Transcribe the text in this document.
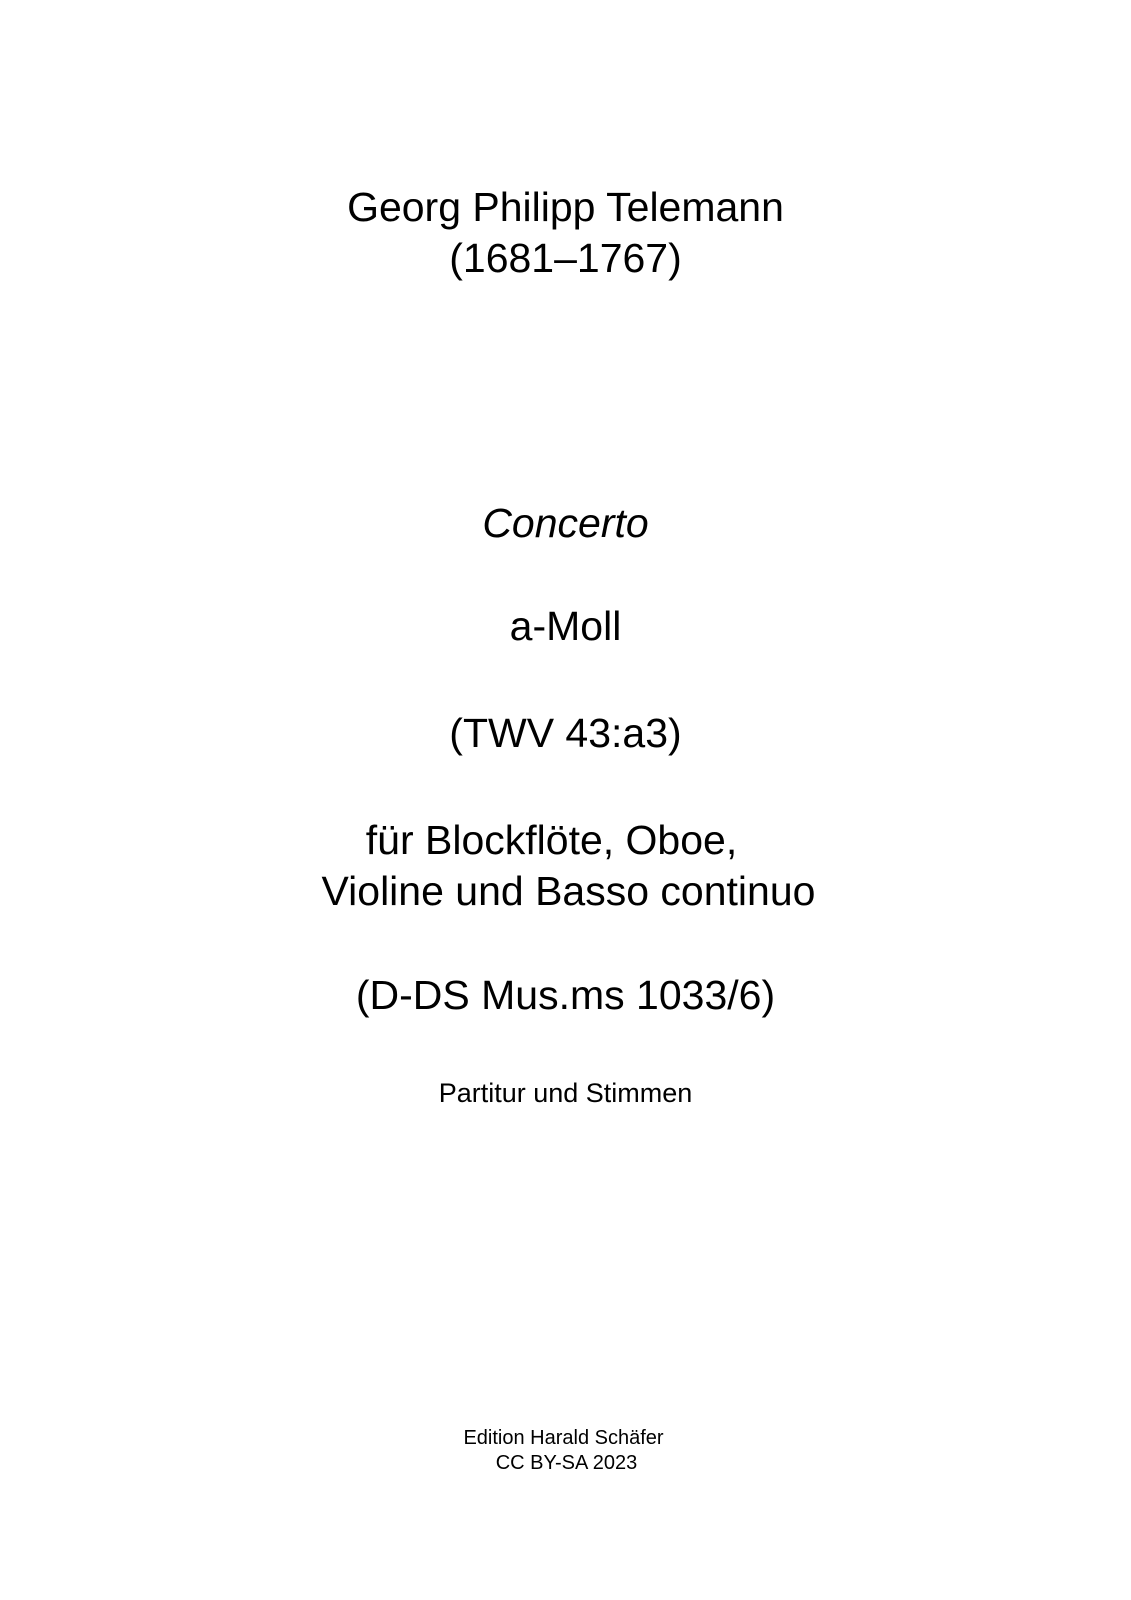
Georg Philipp Telemann
(1681–1767)
Concerto
a-Moll
(TWV 43:a3)
für Blockflöte, Oboe,
Violine und Basso continuo
(D-DS Mus.ms 1033/6)
Partitur und Stimmen
Edition Harald Schäfer
CC BY-SA 2023
